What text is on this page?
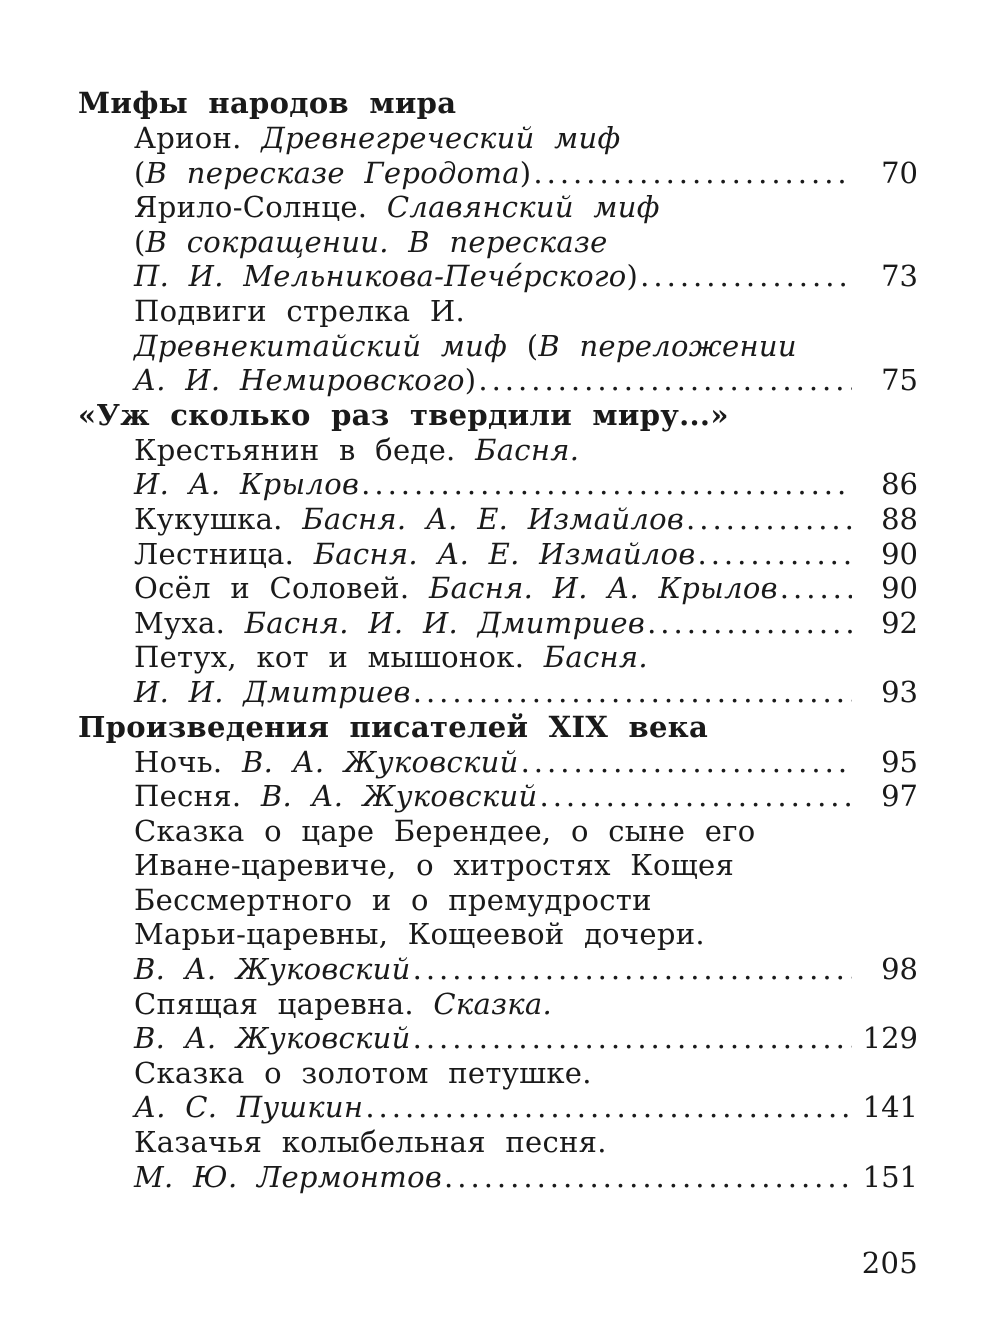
Мифы народов мира
Арион. Древнегреческий миф
(В пересказе Геродота) .....	70
Ярило-Солнце. Славянский миф
(В сокращении. В пересказе
П. И. Мельникова-Печéрского) .....	73
Подвиги стрелка И.
Древнекитайский миф (В переложении
А. И. Немировского) .....	75
«Уж сколько раз твердили миру...»
Крестьянин в беде. Басня.
И. А. Крылов .....	86
Кукушка. Басня. А. Е. Измайлов .....	88
Лестница. Басня. А. Е. Измайлов .....	90
Осёл и Соловей. Басня. И. А. Крылов .....	90
Муха. Басня. И. И. Дмитриев .....	92
Петух, кот и мышонок. Басня.
И. И. Дмитриев .....	93
Произведения писателей XIX века
Ночь. В. А. Жуковский .....	95
Песня. В. А. Жуковский .....	97
Сказка о царе Берендее, о сыне его
Иване-царевиче, о хитростях Кощея
Бессмертного и о премудрости
Марьи-царевны, Кощеевой дочери.
В. А. Жуковский .....	98
Спящая царевна. Сказка.
В. А. Жуковский .....	129
Сказка о золотом петушке.
А. С. Пушкин .....	141
Казачья колыбельная песня.
М. Ю. Лермонтов .....	151
205
